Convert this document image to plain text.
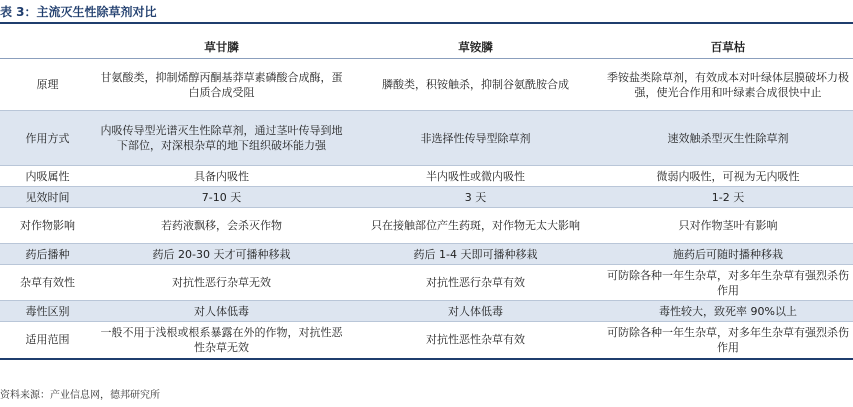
表 3：主流灭生性除草剂对比
	草甘膦	草铵膦	百草枯
原理	甘氨酸类，抑制烯醇丙酮基莽草素磷酸合成酶，蛋白质合成受阻	膦酸类，积铵触杀，抑制谷氨酰胺合成	季铵盐类除草剂，有效成本对叶绿体层膜破坏力极强，使光合作用和叶绿素合成很快中止
作用方式	内吸传导型光谱灭生性除草剂，通过茎叶传导到地下部位，对深根杂草的地下组织破坏能力强	非选择性传导型除草剂	速效触杀型灭生性除草剂
内吸属性	具备内吸性	半内吸性或微内吸性	微弱内吸性，可视为无内吸性
见效时间	7-10 天	3 天	1-2 天
对作物影响	若药液飘移，会杀灭作物	只在接触部位产生药斑，对作物无太大影响	只对作物茎叶有影响
药后播种	药后 20-30 天才可播种移栽	药后 1-4 天即可播种移栽	施药后可随时播种移栽
杂草有效性	对抗性恶行杂草无效	对抗性恶行杂草有效	可防除各种一年生杂草，对多年生杂草有强烈杀伤作用
毒性区别	对人体低毒	对人体低毒	毒性较大，致死率 90%以上
适用范围	一般不用于浅根或根系暴露在外的作物，对抗性恶性杂草无效	对抗性恶性杂草有效	可防除各种一年生杂草，对多年生杂草有强烈杀伤作用
资料来源：产业信息网，德邦研究所
